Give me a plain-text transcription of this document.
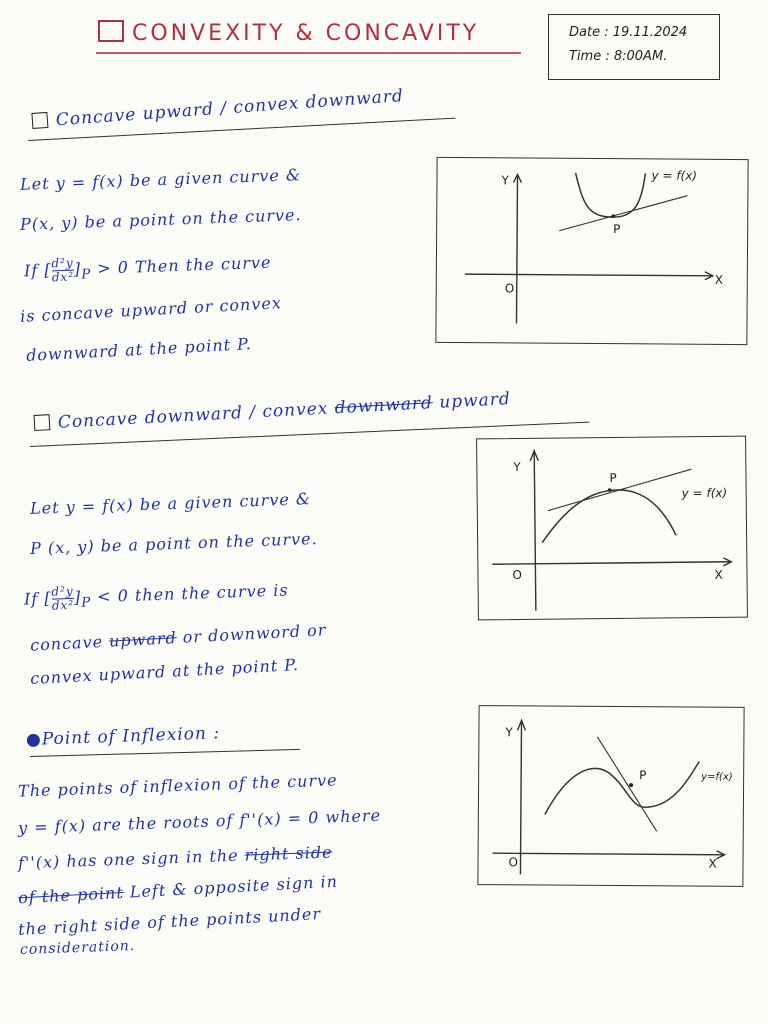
CONVEXITY & CONCAVITY	Date : 19.11.2024
Time : 8:00AM.
Concave upward / convex downward
Let y = f(x) be a given curve &
P(x, y) be a point on the curve.
If [ $\frac{\text{d²y}}{\text{dx²}} ]_P > 0$ Then the curve
is concave upward or convex
downward at the point P.
Y
X
O
P
y = f(x)
Concave downward / convex downward upward
Let y = f(x) be a given curve &
P (x, y) be a point on the curve.
If [ $\frac{\text{d²y}}{\text{dx²}} ]_P < 0$ then the curve is
concave upward or downword or
convex upward at the point P.
Y
X
O
P
y = f(x)
●Point of Inflexion :
The points of inflexion of the curve
y = f(x) are the roots of f''(x) = 0 where
f''(x) has one sign in the right side
of the point Left & opposite sign in
the right side of the points under
consideration.
Y
X
O
P	y=f(x)
